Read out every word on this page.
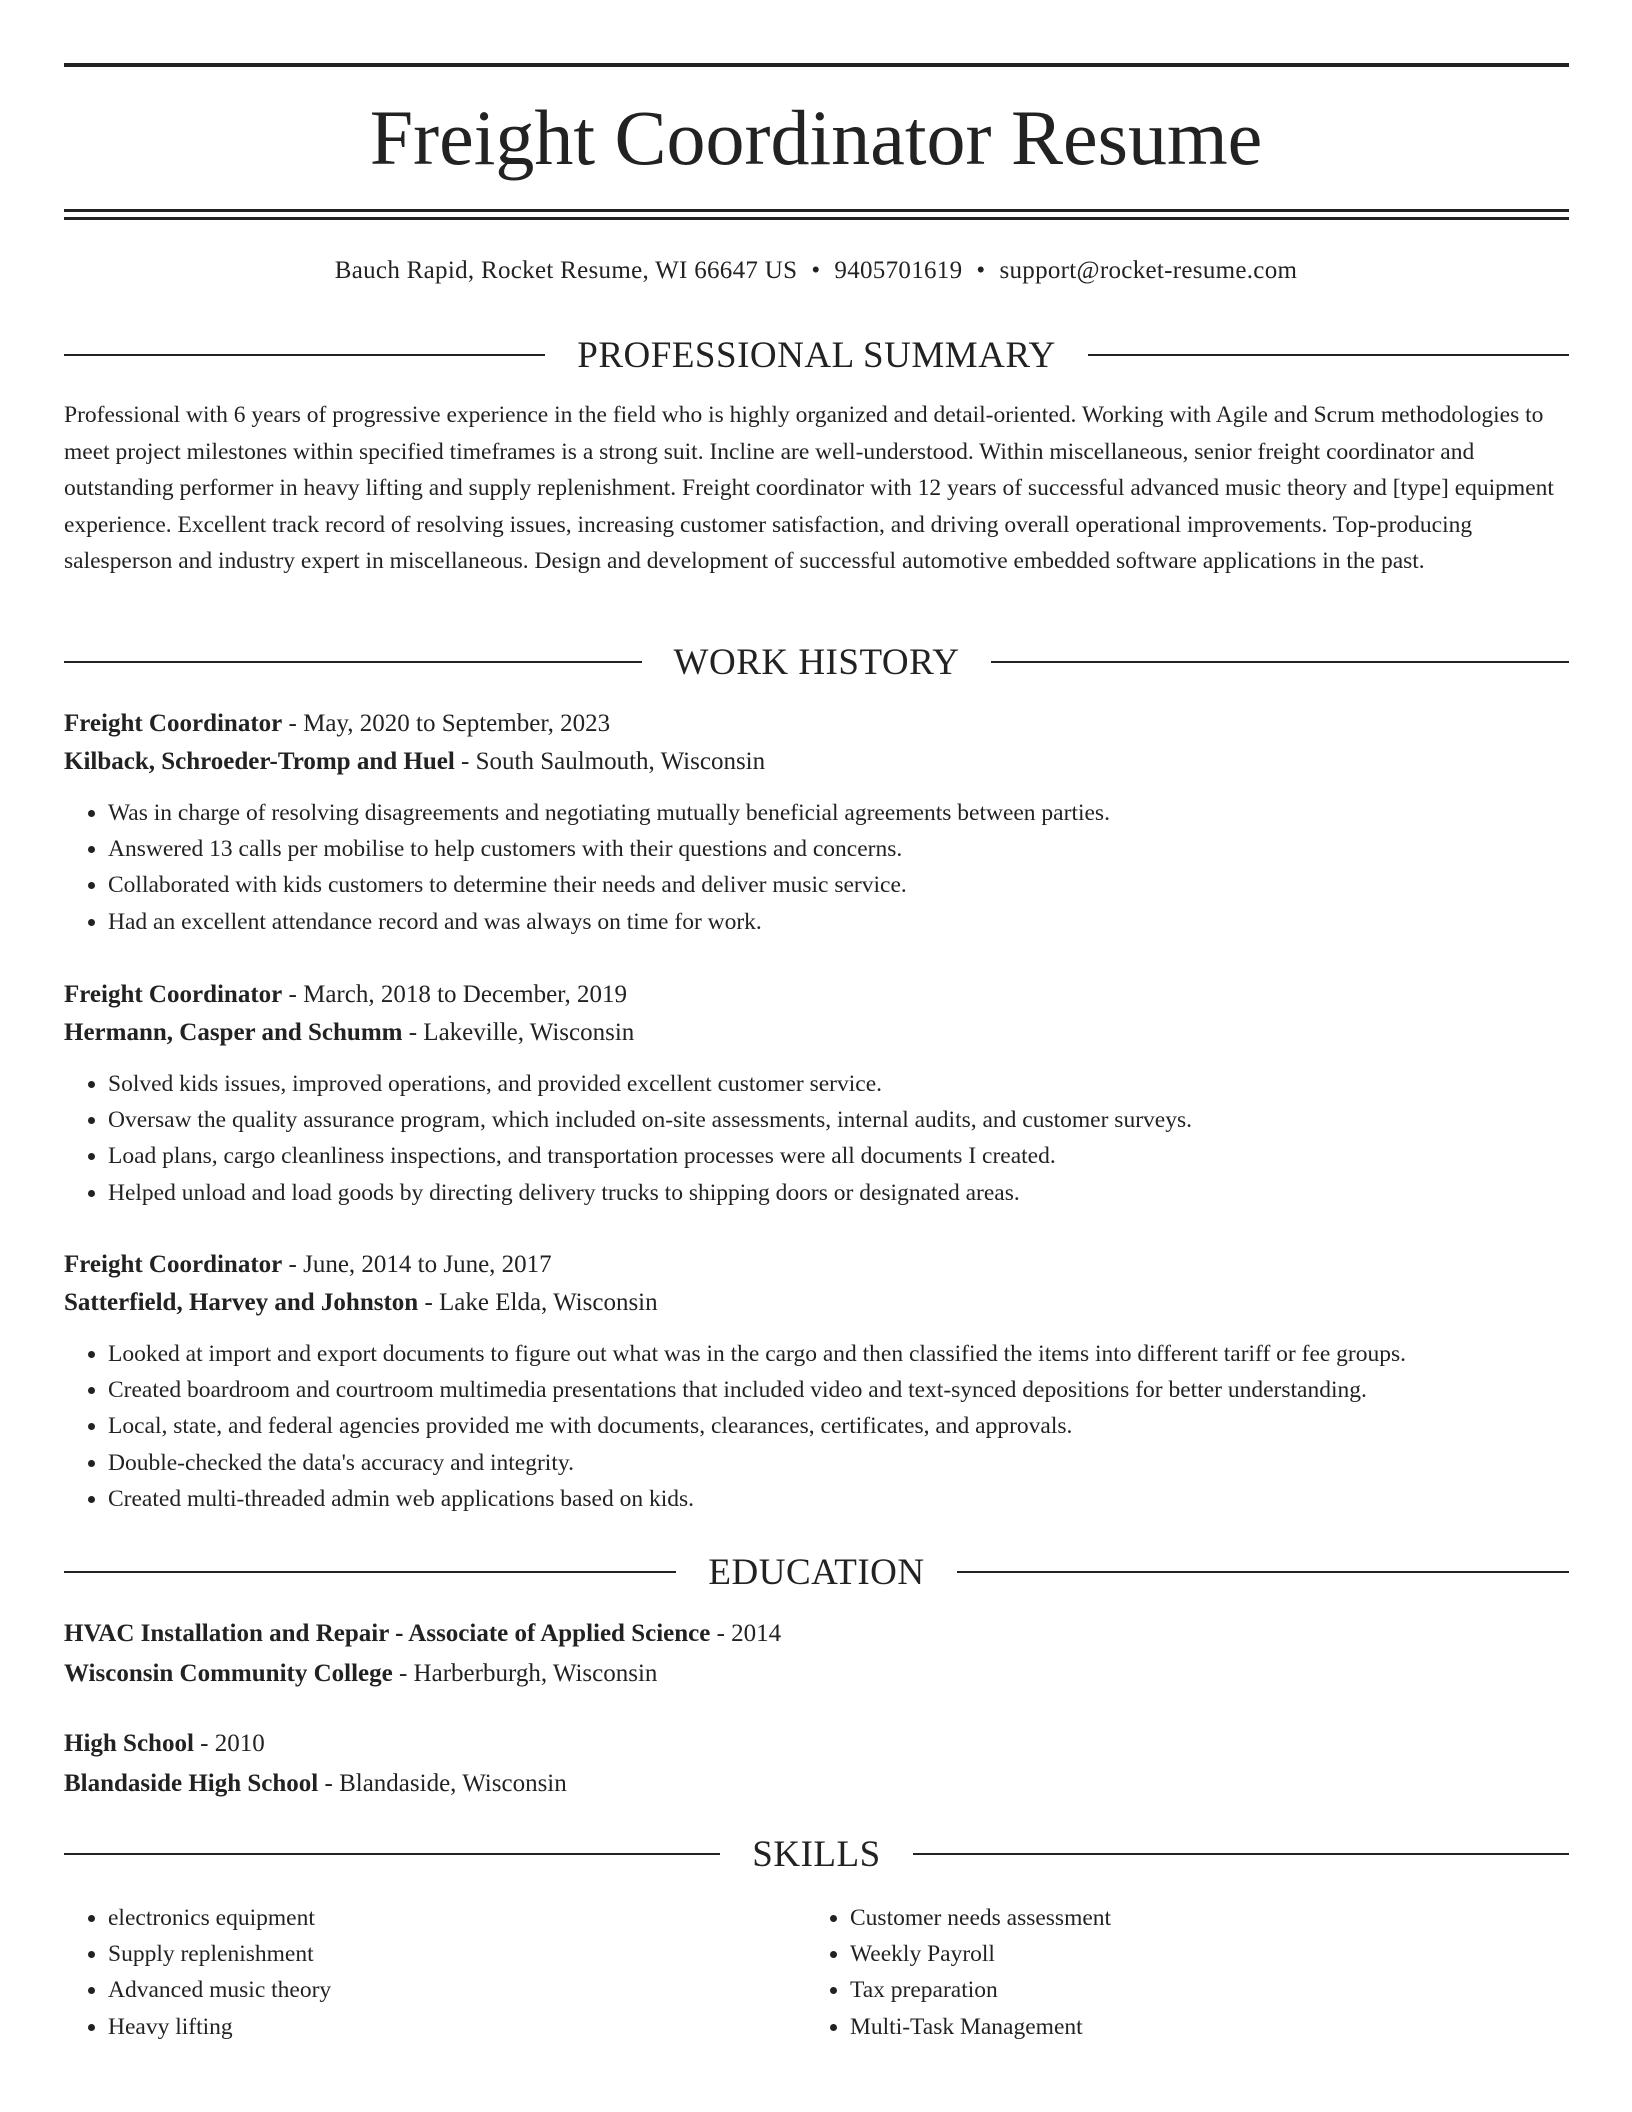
Freight Coordinator Resume
Bauch Rapid, Rocket Resume, WI 66647 US • 9405701619 • support@rocket-resume.com
PROFESSIONAL SUMMARY

Professional with 6 years of progressive experience in the field who is highly organized and detail-oriented. Working with Agile and Scrum methodologies to meet project milestones within specified timeframes is a strong suit. Incline are well-understood. Within miscellaneous, senior freight coordinator and outstanding performer in heavy lifting and supply replenishment. Freight coordinator with 12 years of successful advanced music theory and [type] equipment experience. Excellent track record of resolving issues, increasing customer satisfaction, and driving overall operational improvements. Top-producing salesperson and industry expert in miscellaneous. Design and development of successful automotive embedded software applications in the past.

WORK HISTORY
Freight Coordinator - May, 2020 to September, 2023
Kilback, Schroeder-Tromp and Huel - South Saulmouth, Wisconsin
• Was in charge of resolving disagreements and negotiating mutually beneficial agreements between parties.
• Answered 13 calls per mobilise to help customers with their questions and concerns.
• Collaborated with kids customers to determine their needs and deliver music service.
• Had an excellent attendance record and was always on time for work.
Freight Coordinator - March, 2018 to December, 2019
Hermann, Casper and Schumm - Lakeville, Wisconsin
• Solved kids issues, improved operations, and provided excellent customer service.
• Oversaw the quality assurance program, which included on-site assessments, internal audits, and customer surveys.
• Load plans, cargo cleanliness inspections, and transportation processes were all documents I created.
• Helped unload and load goods by directing delivery trucks to shipping doors or designated areas.
Freight Coordinator - June, 2014 to June, 2017
Satterfield, Harvey and Johnston - Lake Elda, Wisconsin
• Looked at import and export documents to figure out what was in the cargo and then classified the items into different tariff or fee groups.
• Created boardroom and courtroom multimedia presentations that included video and text-synced depositions for better understanding.
• Local, state, and federal agencies provided me with documents, clearances, certificates, and approvals.
• Double-checked the data's accuracy and integrity.
• Created multi-threaded admin web applications based on kids.
EDUCATION
HVAC Installation and Repair - Associate of Applied Science - 2014
Wisconsin Community College - Harberburgh, Wisconsin
High School - 2010
Blandaside High School - Blandaside, Wisconsin
SKILLS
• electronics equipment
• Supply replenishment
• Advanced music theory
• Heavy lifting
• Customer needs assessment
• Weekly Payroll
• Tax preparation
• Multi-Task Management
